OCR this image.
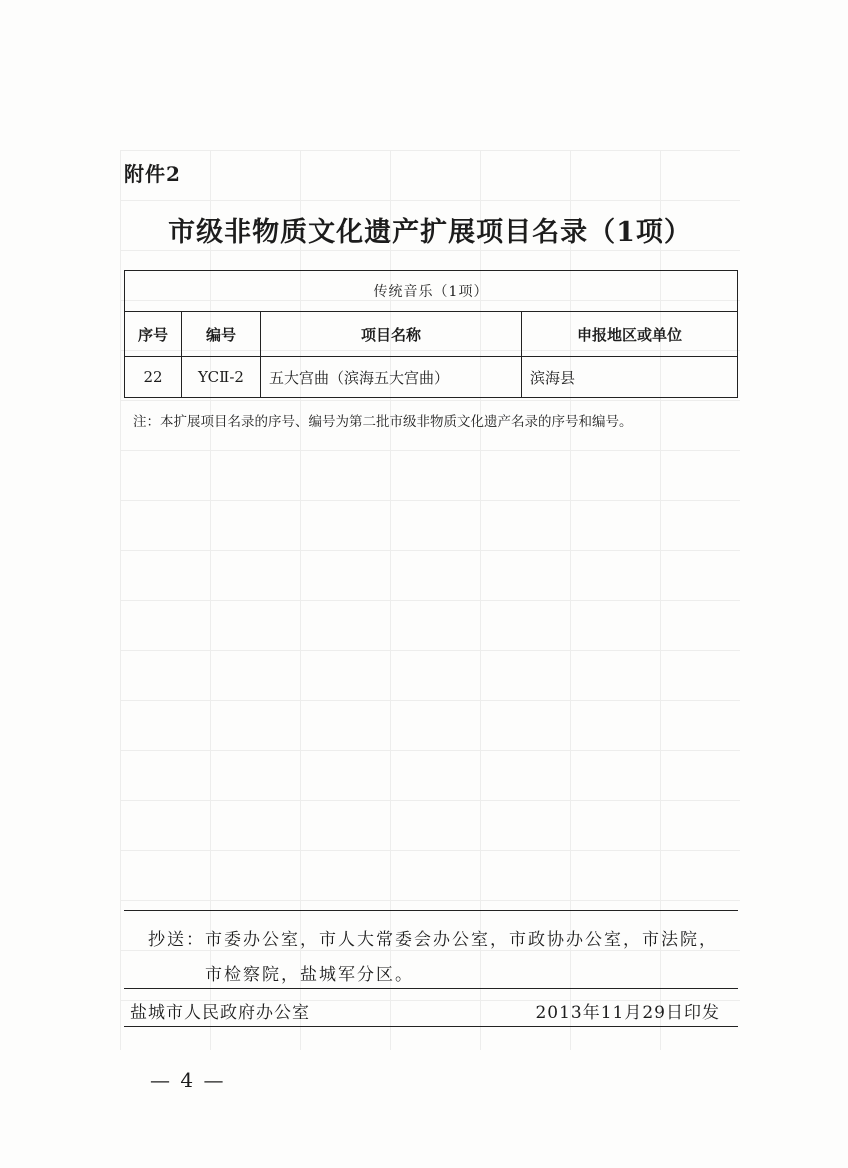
附件2
市级非物质文化遗产扩展项目名录（1项）
传统音乐（1项）			
序号	编号	项目名称	申报地区或单位
22	YCⅡ-2	五大宫曲（滨海五大宫曲）	滨海县
注：本扩展项目名录的序号、编号为第二批市级非物质文化遗产名录的序号和编号。
抄送：市委办公室，市人大常委会办公室，市政协办公室，市法院，
市检察院，盐城军分区。
盐城市人民政府办公室	2013年11月29日印发
— 4 —
